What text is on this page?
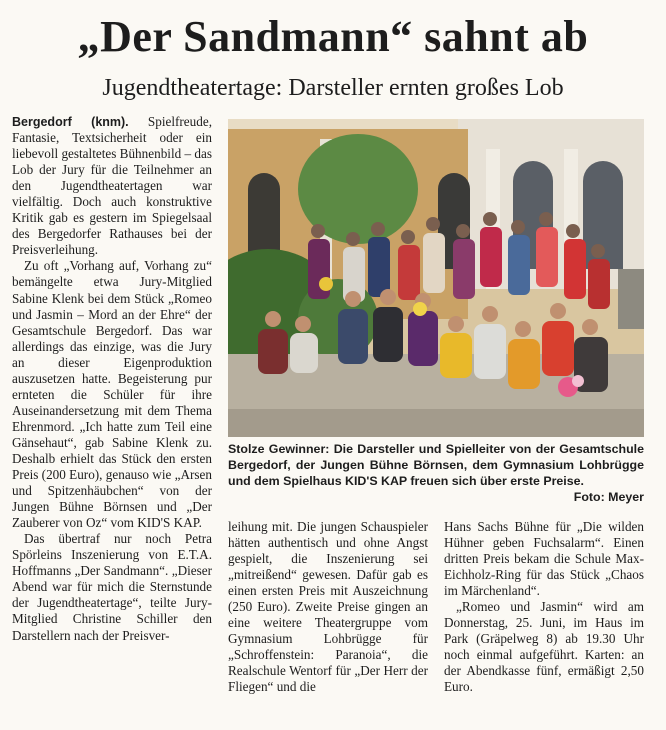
„Der Sandmann“ sahnt ab
Jugendtheatertage: Darsteller ernten großes Lob

Bergedorf (knm). Spielfreude, Fantasie, Textsicherheit oder ein liebevoll gestaltetes Bühnenbild – das Lob der Jury für die Teilnehmer an den Jugendtheatertagen war vielfältig. Doch auch konstruktive Kritik gab es gestern im Spiegelsaal des Bergedorfer Rathauses bei der Preisverleihung.

Zu oft „Vorhang auf, Vorhang zu“ bemängelte etwa Jury-Mitglied Sabine Klenk bei dem Stück „Romeo und Jasmin – Mord an der Ehre“ der Gesamtschule Bergedorf. Das war allerdings das einzige, was die Jury an dieser Eigenproduktion auszusetzen hatte. Begeisterung pur ernteten die Schüler für ihre Auseinandersetzung mit dem Thema Ehrenmord. „Ich hatte zum Teil eine Gänsehaut“, gab Sabine Klenk zu. Deshalb erhielt das Stück den ersten Preis (200 Euro), genauso wie „Arsen und Spitzenhäubchen“ von der Jungen Bühne Börnsen und „Der Zauberer von Oz“ vom KID'S KAP.

Das übertraf nur noch Petra Spörleins Inszenierung von E.T.A. Hoffmanns „Der Sandmann“. „Dieser Abend war für mich die Sternstunde der Jugendtheatertage“, teilte Jury-Mitglied Christine Schiller den Darstellern nach der Preisver-

Stolze Gewinner: Die Darsteller und Spielleiter von der Gesamtschule Bergedorf, der Jungen Bühne Börnsen, dem Gymnasium Lohbrügge und dem Spielhaus KID'S KAP freuen sich über erste Preise.
Foto: Meyer

leihung mit. Die jungen Schauspieler hätten authentisch und ohne Angst gespielt, die Inszenierung sei „mitreißend“ gewesen. Dafür gab es einen ersten Preis mit Auszeichnung (250 Euro). Zweite Preise gingen an eine weitere Theatergruppe vom Gymnasium Lohbrügge für „Schroffenstein: Paranoia“, die Realschule Wentorf für „Der Herr der Fliegen“ und die

Hans Sachs Bühne für „Die wilden Hühner geben Fuchsalarm“. Einen dritten Preis bekam die Schule Max-Eichholz-Ring für das Stück „Chaos im Märchenland“.

„Romeo und Jasmin“ wird am Donnerstag, 25. Juni, im Haus im Park (Gräpelweg 8) ab 19.30 Uhr noch einmal aufgeführt. Karten: an der Abendkasse fünf, ermäßigt 2,50 Euro.
